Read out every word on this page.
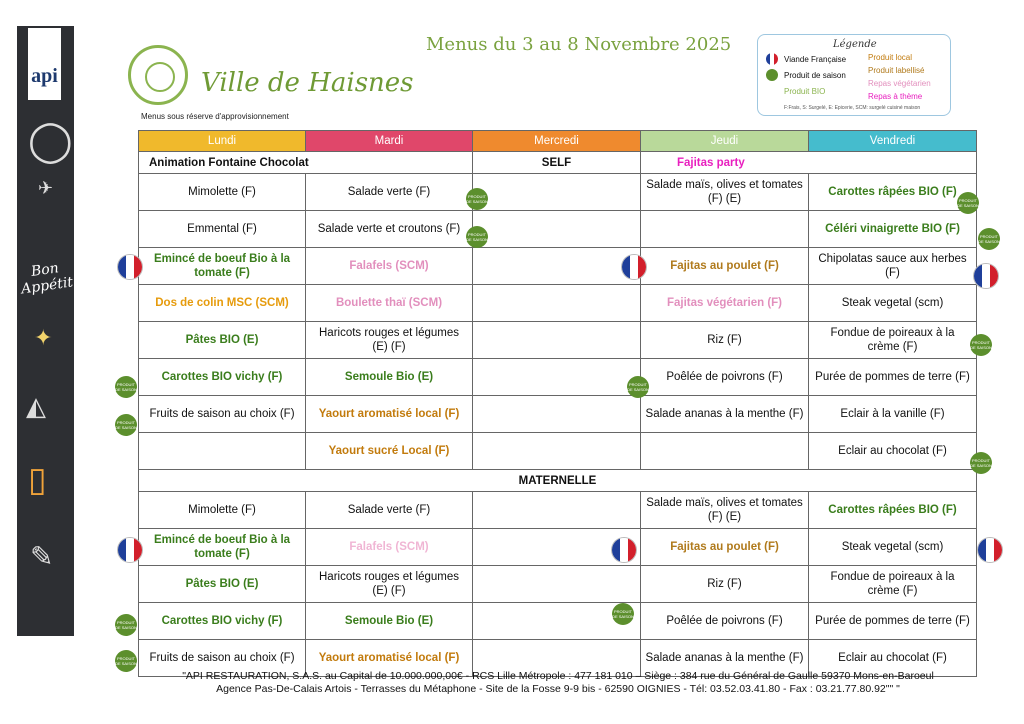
api
◯
✈
Bon Appétit
✦
◭
▯
✎
Ville de Haisnes
Menus du 3 au 8 Novembre 2025
Menus sous réserve d'approvisionnement
Légende
Viande Française
Produit de saison
Produit BIO
Produit local
Produit labellisé
Repas végétarien
Repas à thème
F:Frais, S: Surgelé, E: Epicerie, SCM: surgelé cuisiné maison
Lundi	Mardi	Mercredi	Jeudi	Vendredi
Animation Fontaine Chocolat		SELF	Fajitas party	
Mimolette (F)	Salade verte (F)		Salade maïs, olives et tomates (F) (E)	Carottes râpées BIO (F)
Emmental (F)	Salade verte et croutons (F)			Céléri vinaigrette BIO (F)
Emincé de boeuf Bio à la tomate (F)	Falafels (SCM)		Fajitas au poulet (F)	Chipolatas sauce aux herbes (F)
Dos de colin MSC (SCM)	Boulette thaï (SCM)		Fajitas végétarien (F)	Steak vegetal (scm)
Pâtes BIO (E)	Haricots rouges et légumes (E) (F)		Riz (F)	Fondue de poireaux à la crème (F)
Carottes BIO vichy (F)	Semoule Bio (E)		Poêlée de poivrons (F)	Purée de pommes de terre (F)
Fruits de saison au choix (F)	Yaourt aromatisé local (F)		Salade ananas à la menthe (F)	Eclair à la vanille (F)
	Yaourt sucré Local (F)			Eclair au chocolat (F)
MATERNELLE				
Mimolette (F)	Salade verte (F)		Salade maïs, olives et tomates (F) (E)	Carottes râpées BIO (F)
Emincé de boeuf Bio à la tomate (F)	Falafels (SCM)		Fajitas au poulet (F)	Steak vegetal (scm)
Pâtes BIO (E)	Haricots rouges et légumes (E) (F)		Riz (F)	Fondue de poireaux à la crème (F)
Carottes BIO vichy (F)	Semoule Bio (E)		Poêlée de poivrons (F)	Purée de pommes de terre (F)
Fruits de saison au choix (F)	Yaourt aromatisé local (F)		Salade ananas à la menthe (F)	Eclair au chocolat (F)
PRODUIT DE SAISON
PRODUIT DE SAISON
PRODUIT DE SAISON
PRODUIT DE SAISON
PRODUIT DE SAISON
PRODUIT DE SAISON
PRODUIT DE SAISON
PRODUIT DE SAISON
PRODUIT DE SAISON
PRODUIT DE SAISON
PRODUIT DE SAISON
PRODUIT DE SAISON
"API RESTAURATION, S.A.S. au Capital de 10.000.000,00€ - RCS Lille Métropole : 477 181 010 – Siège : 384 rue du Général de Gaulle 59370 Mons-en-Baroeul
Agence Pas-De-Calais Artois - Terrasses du Métaphone - Site de la Fosse 9-9 bis - 62590 OIGNIES - Tél: 03.52.03.41.80 - Fax : 03.21.77.80.92"" "
